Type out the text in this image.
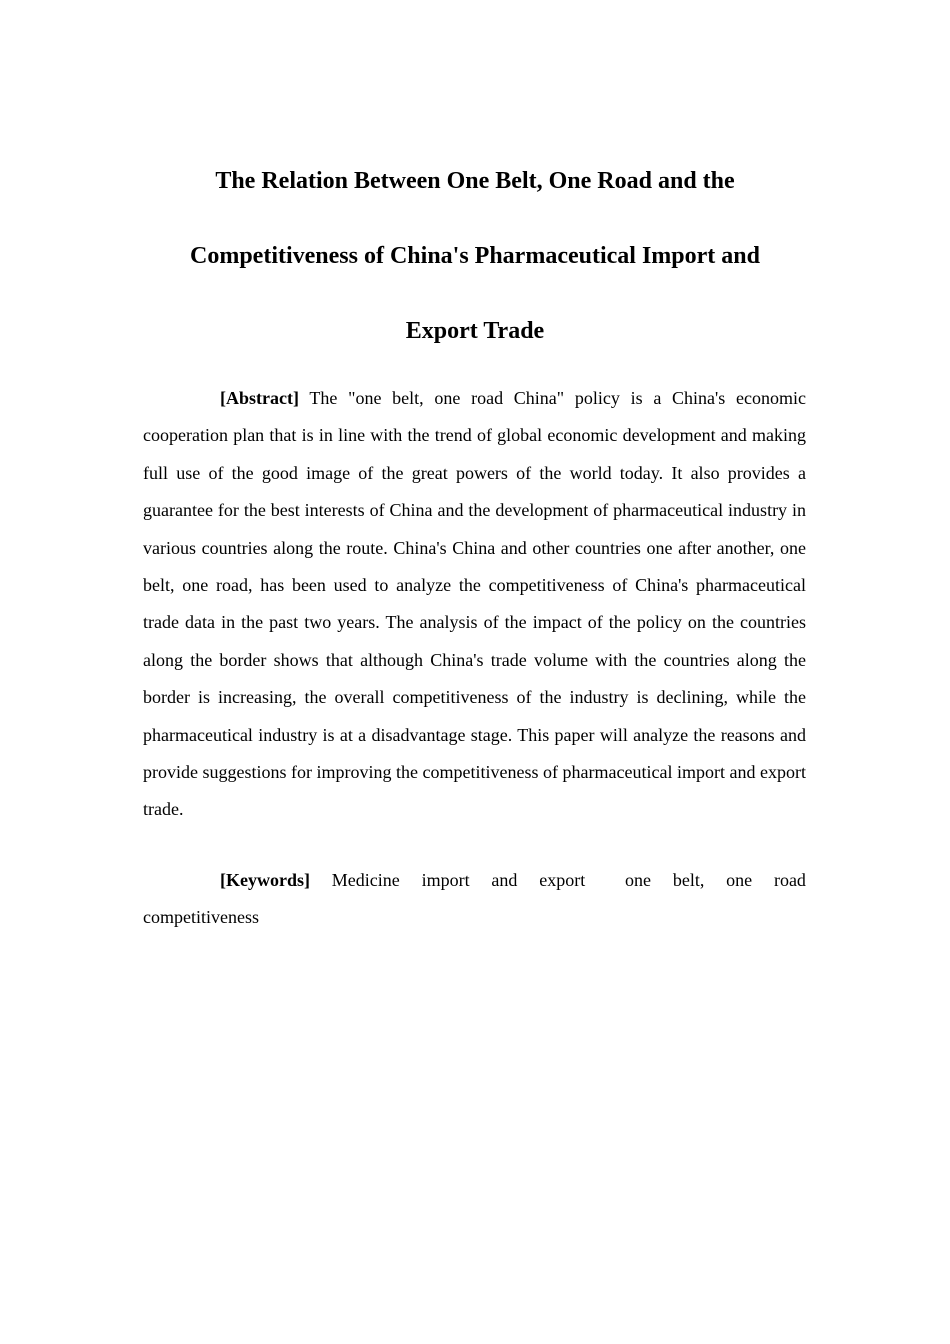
The Relation Between One Belt, One Road and the
Competitiveness of China's Pharmaceutical Import and
Export Trade

[Abstract] The "one belt, one road China" policy is a China's economic cooperation plan that is in line with the trend of global economic development and making full use of the good image of the great powers of the world today. It also provides a guarantee for the best interests of China and the development of pharmaceutical industry in various countries along the route. China's China and other countries one after another, one belt, one road, has been used to analyze the competitiveness of China's pharmaceutical trade data in the past two years. The analysis of the impact of the policy on the countries along the border shows that although China's trade volume with the countries along the border is increasing, the overall competitiveness of the industry is declining, while the pharmaceutical industry is at a disadvantage stage. This paper will analyze the reasons and provide suggestions for improving the competitiveness of pharmaceutical import and export trade.

[Keywords] Medicine import and export one belt, one road
competitiveness
